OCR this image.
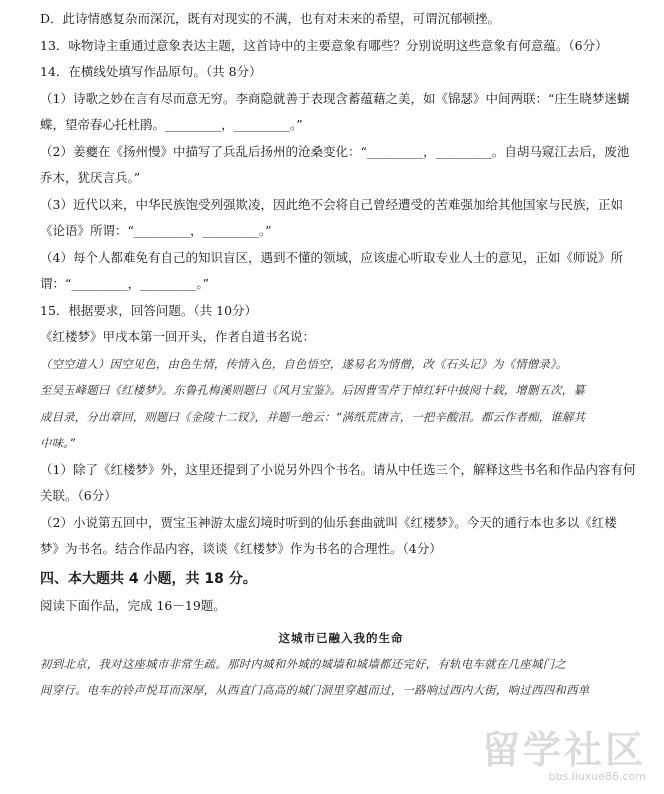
D．此诗情感复杂而深沉，既有对现实的不满，也有对未来的希望，可谓沉郁顿挫。
13．咏物诗主重通过意象表达主题，这首诗中的主要意象有哪些？分别说明这些意象有何意蕴。（6分）
14．在横线处填写作品原句。（共 8分）
（1）诗歌之妙在言有尽而意无穷。李商隐就善于表现含蓄蕴藉之美，如《锦瑟》中间两联：“庄生晓梦迷蝴
蝶，望帝春心托杜鹃。_________，_________。”
（2）姜夔在《扬州慢》中描写了兵乱后扬州的沧桑变化：“_________，_________。自胡马窥江去后，废池
乔木，犹厌言兵。”
（3）近代以来，中华民族饱受列强欺凌，因此绝不会将自己曾经遭受的苦难强加给其他国家与民族，正如
《论语》所谓：“_________，_________。”
（4）每个人都难免有自己的知识盲区，遇到不懂的领域，应该虚心听取专业人士的意见，正如《师说》所
谓：“_________，_________。”
15．根据要求，回答问题。（共 10分）
《红楼梦》甲戌本第一回开头，作者自道书名说：
（空空道人）因空见色，由色生情，传情入色，自色悟空，遂易名为情僧，改《石头记》为《情僧录》。
至吴玉峰题曰《红楼梦》。东鲁孔梅溪则题曰《风月宝鉴》。后因曹雪芹于悼红轩中披阅十载，增删五次，纂
成目录，分出章回，则题曰《金陵十二钗》，并题一绝云：“满纸荒唐言，一把辛酸泪。都云作者痴，谁解其
中味。”
（1）除了《红楼梦》外，这里还提到了小说另外四个书名。请从中任选三个，解释这些书名和作品内容有何
关联。（6分）
（2）小说第五回中，贾宝玉神游太虚幻境时听到的仙乐套曲就叫《红楼梦》。今天的通行本也多以《红楼
梦》为书名。结合作品内容，谈谈《红楼梦》作为书名的合理性。（4分）
四、本大题共 4 小题，共 18 分。
阅读下面作品，完成 16－19题。
这城市已融入我的生命
初到北京，我对这座城市非常生疏。那时内城和外城的城墙和城墙都还完好，有轨电车就在几座城门之
间穿行。电车的铃声悦耳而深厚，从西直门高高的城门洞里穿越而过，一路响过西内大街，响过西四和西单
留学社区
bbs.liuxue86.com
